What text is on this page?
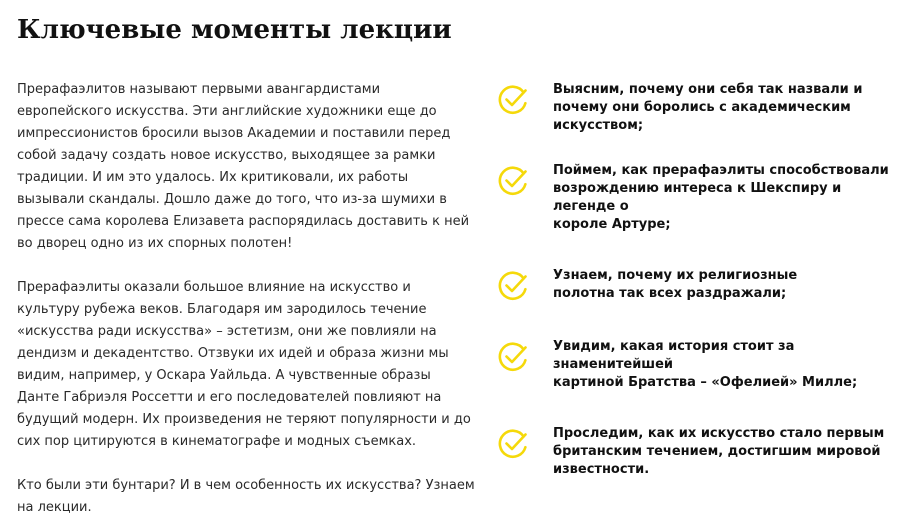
Ключевые моменты лекции

Прерафаэлитов называют первыми авангардистами
европейского искусства. Эти английские художники еще до
импрессионистов бросили вызов Академии и поставили перед
собой задачу создать новое искусство, выходящее за рамки
традиции. И им это удалось. Их критиковали, их работы
вызывали скандалы. Дошло даже до того, что из-за шумихи в
прессе сама королева Елизавета распорядилась доставить к ней
во дворец одно из их спорных полотен!

Прерафаэлиты оказали большое влияние на искусство и
культуру рубежа веков. Благодаря им зародилось течение
«искусства ради искусства» – эстетизм, они же повлияли на
дендизм и декадентство. Отзвуки их идей и образа жизни мы
видим, например, у Оскара Уайльда. А чувственные образы
Данте Габриэля Россетти и его последователей повлияют на
будущий модерн. Их произведения не теряют популярности и до
сих пор цитируются в кинематографе и модных съемках.

Кто были эти бунтари? И в чем особенность их искусства? Узнаем
на лекции.

Выясним, почему они себя так назвали и
почему они боролись с академическим
искусством;
Поймем, как прерафаэлиты способствовали
возрождению интереса к Шекспиру и легенде о
короле Артуре;
Узнаем, почему их религиозные
полотна так всех раздражали;
Увидим, какая история стоит за знаменитейшей
картиной Братства – «Офелией» Милле;
Проследим, как их искусство стало первым
британским течением, достигшим мировой
известности.
